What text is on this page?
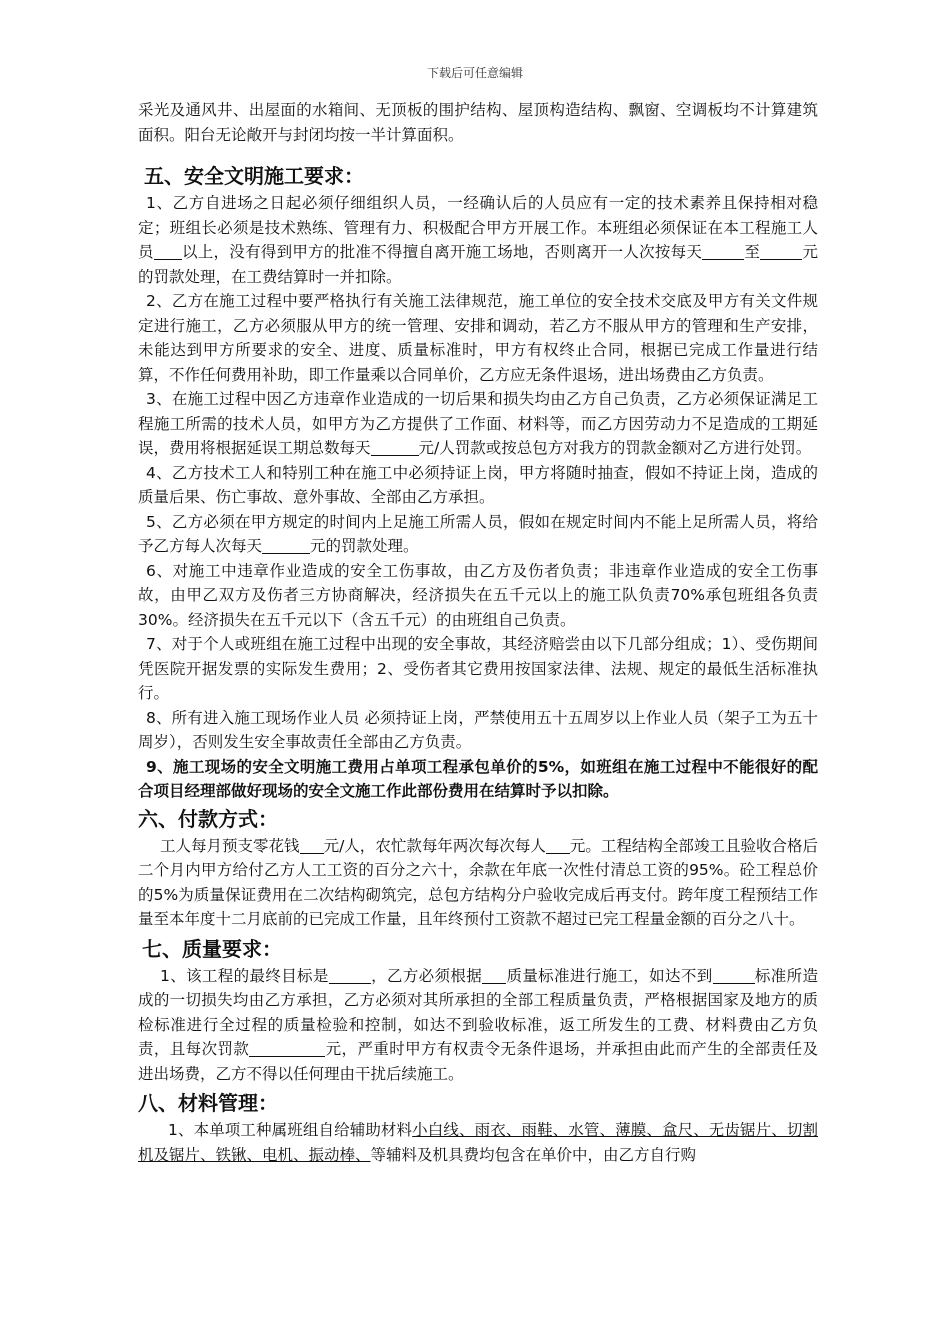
下载后可任意编辑

采光及通风井、出屋面的水箱间、无顶板的围护结构、屋顶构造结构、飘窗、空调板均不计算建筑面积。阳台无论敞开与封闭均按一半计算面积。

五、安全文明施工要求：

1、乙方自进场之日起必须仔细组织人员，一经确认后的人员应有一定的技术素养且保持相对稳定；班组长必须是技术熟练、管理有力、积极配合甲方开展工作。本班组必须保证在本工程施工人员 以上，没有得到甲方的批准不得擅自离开施工场地，否则离开一人次按每天	至	元的罚款处理，在工费结算时一并扣除。

2、乙方在施工过程中要严格执行有关施工法律规范，施工单位的安全技术交底及甲方有关文件规定进行施工，乙方必须服从甲方的统一管理、安排和调动，若乙方不服从甲方的管理和生产安排，未能达到甲方所要求的安全、进度、质量标准时，甲方有权终止合同，根据已完成工作量进行结算，不作任何费用补助，即工作量乘以合同单价，乙方应无条件退场，进出场费由乙方负责。

3、在施工过程中因乙方违章作业造成的一切后果和损失均由乙方自己负责，乙方必须保证满足工程施工所需的技术人员，如甲方为乙方提供了工作面、材料等，而乙方因劳动力不足造成的工期延误，费用将根据延误工期总数每天	元/人罚款或按总包方对我方的罚款金额对乙方进行处罚。

4、乙方技术工人和特别工种在施工中必须持证上岗，甲方将随时抽查，假如不持证上岗，造成的质量后果、伤亡事故、意外事故、全部由乙方承担。

5、乙方必须在甲方规定的时间内上足施工所需人员，假如在规定时间内不能上足所需人员，将给予乙方每人次每天	元的罚款处理。

6、对施工中违章作业造成的安全工伤事故，由乙方及伤者负责；非违章作业造成的安全工伤事故，由甲乙双方及伤者三方协商解决，经济损失在五千元以上的施工队负责70%承包班组各负责30%。经济损失在五千元以下（含五千元）的由班组自己负责。

7、对于个人或班组在施工过程中出现的安全事故，其经济赔尝由以下几部分组成；1）、受伤期间凭医院开据发票的实际发生费用；2、受伤者其它费用按国家法律、法规、规定的最低生活标准执行。

8、所有进入施工现场作业人员 必须持证上岗，严禁使用五十五周岁以上作业人员（架子工为五十周岁），否则发生安全事故责任全部由乙方负责。

9、施工现场的安全文明施工费用占单项工程承包单价的5%，如班组在施工过程中不能很好的配合项目经理部做好现场的安全文施工作此部份费用在结算时予以扣除。

六、付款方式：

工人每月预支零花钱 元/人，农忙款每年两次每次每人 元。工程结构全部竣工且验收合格后二个月内甲方给付乙方人工工资的百分之六十，余款在年底一次性付清总工资的95%。砼工程总价的5%为质量保证费用在二次结构砌筑完，总包方结构分户验收完成后再支付。跨年度工程预结工作量至本年度十二月底前的已完成工作量，且年终预付工资款不超过已完工程量金额的百分之八十。

七、质量要求：

1、该工程的最终目标是	，乙方必须根据 质量标准进行施工，如达不到	标准所造成的一切损失均由乙方承担，乙方必须对其所承担的全部工程质量负责，严格根据国家及地方的质检标准进行全过程的质量检验和控制，如达不到验收标准，返工所发生的工费、材料费由乙方负责，且每次罚款	元，严重时甲方有权责令无条件退场，并承担由此而产生的全部责任及进出场费，乙方不得以任何理由干扰后续施工。

八、材料管理：

1、本单项工种属班组自给辅助材料小白线、雨衣、雨鞋、水管、薄膜、盒尺、无齿锯片、切割机及锯片、铁锹、电机、振动棒、等辅料及机具费均包含在单价中，由乙方自行购
